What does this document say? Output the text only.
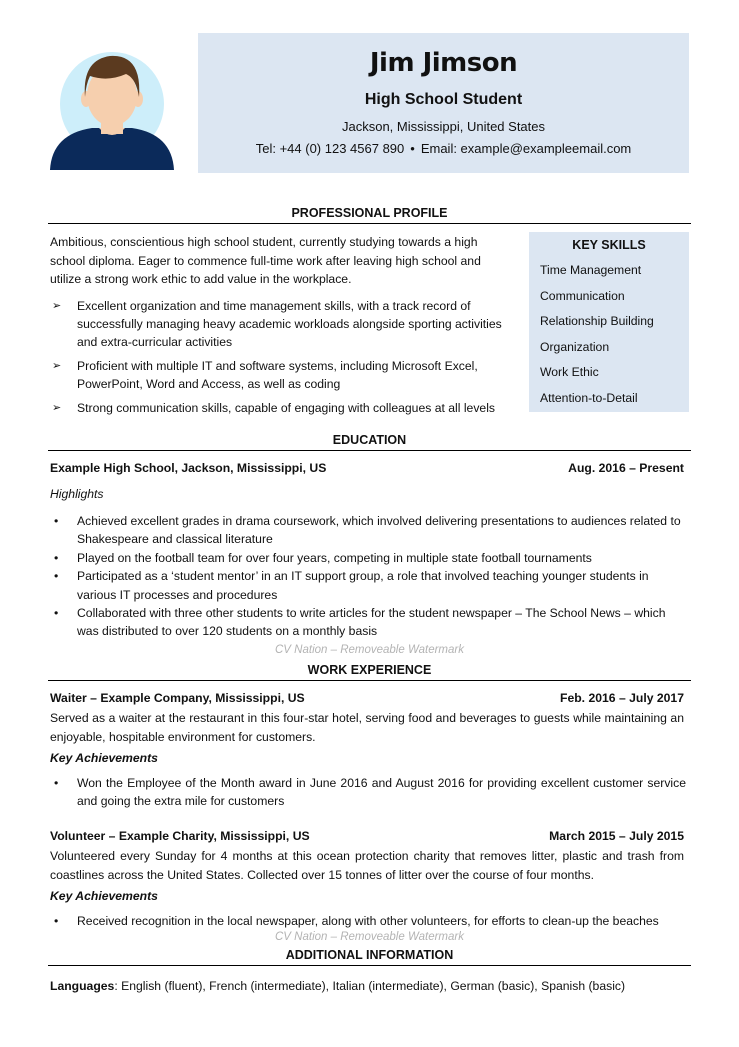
Jim Jimson
High School Student
Jackson, Mississippi, United States
Tel: +44 (0) 123 4567 890 • Email: example@exampleemail.com
PROFESSIONAL PROFILE
Ambitious, conscientious high school student, currently studying towards a high school diploma. Eager to commence full-time work after leaving high school and utilize a strong work ethic to add value in the workplace.
➢ Excellent organization and time management skills, with a track record of successfully managing heavy academic workloads alongside sporting activities and extra-curricular activities
➢ Proficient with multiple IT and software systems, including Microsoft Excel, PowerPoint, Word and Access, as well as coding
➢ Strong communication skills, capable of engaging with colleagues at all levels
KEY SKILLS
Time Management
Communication
Relationship Building
Organization
Work Ethic
Attention-to-Detail
EDUCATION
Example High School, Jackson, Mississippi, US	Aug. 2016 – Present
Highlights
• Achieved excellent grades in drama coursework, which involved delivering presentations to audiences related to Shakespeare and classical literature
• Played on the football team for over four years, competing in multiple state football tournaments
• Participated as a ‘student mentor’ in an IT support group, a role that involved teaching younger students in various IT processes and procedures
• Collaborated with three other students to write articles for the student newspaper – The School News – which was distributed to over 120 students on a monthly basis
CV Nation – Removeable Watermark
WORK EXPERIENCE
Waiter – Example Company, Mississippi, US	Feb. 2016 – July 2017
Served as a waiter at the restaurant in this four-star hotel, serving food and beverages to guests while maintaining an enjoyable, hospitable environment for customers.
Key Achievements
• Won the Employee of the Month award in June 2016 and August 2016 for providing excellent customer service and going the extra mile for customers
Volunteer – Example Charity, Mississippi, US	March 2015 – July 2015
Volunteered every Sunday for 4 months at this ocean protection charity that removes litter, plastic and trash from coastlines across the United States. Collected over 15 tonnes of litter over the course of four months.
Key Achievements
• Received recognition in the local newspaper, along with other volunteers, for efforts to clean-up the beaches
CV Nation – Removeable Watermark
ADDITIONAL INFORMATION
Languages: English (fluent), French (intermediate), Italian (intermediate), German (basic), Spanish (basic)
